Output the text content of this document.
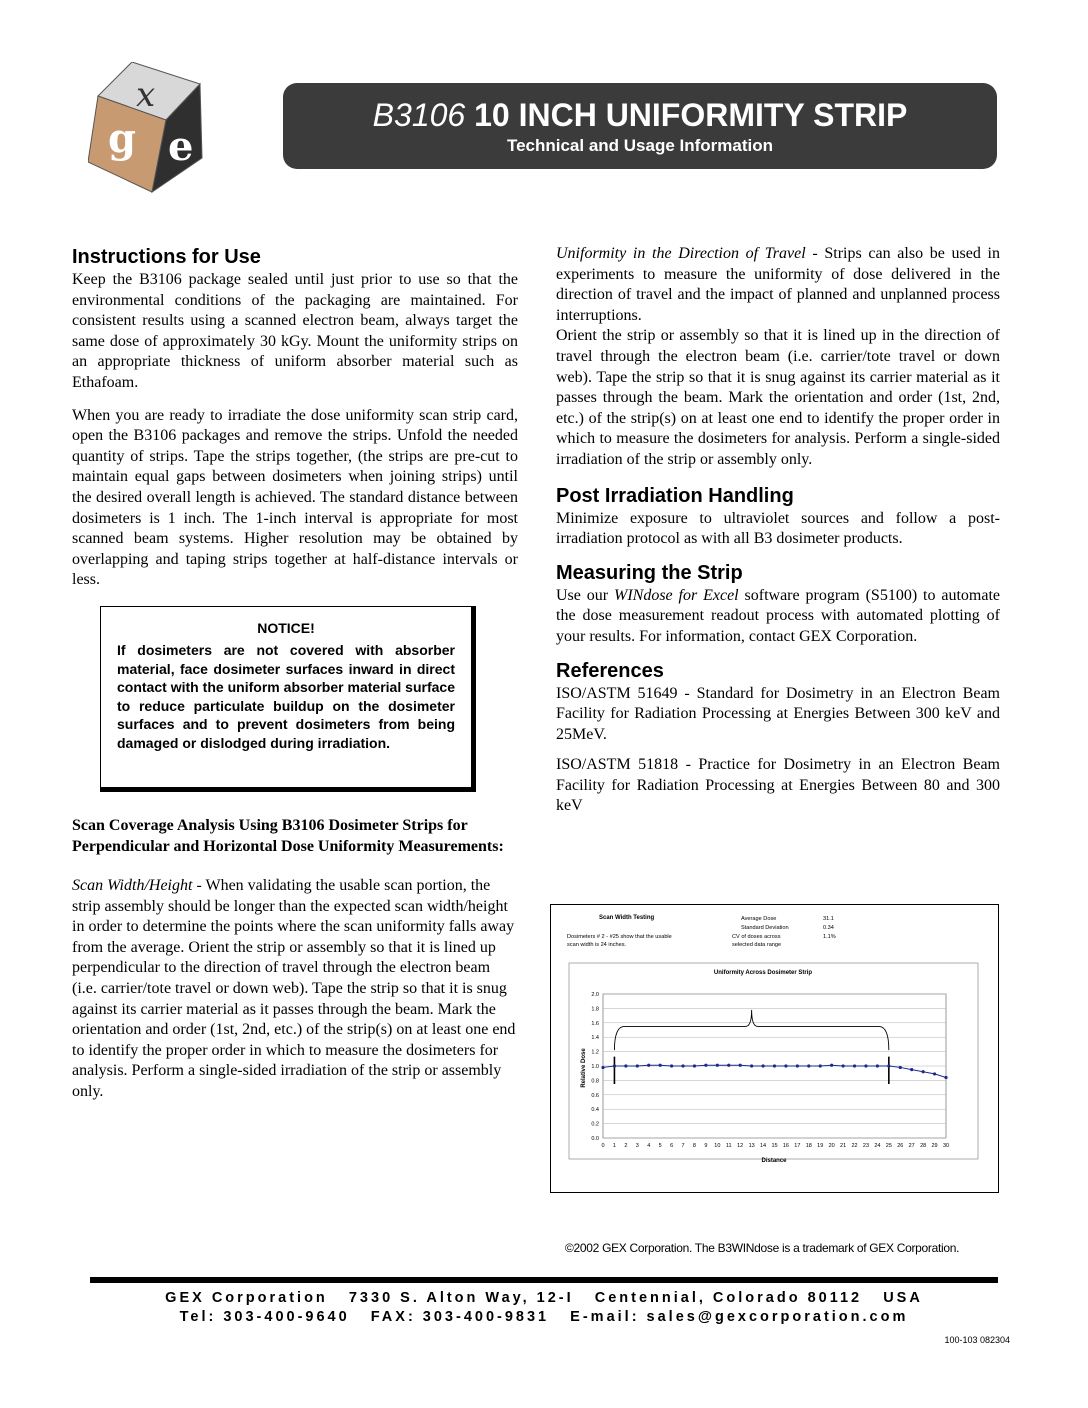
g e
x	B3106 10 INCH UNIFORMITY STRIP
Technical and Usage Information
Instructions for Use

Keep the B3106 package sealed until just prior to use so that the environmental conditions of the packaging are maintained. For consistent results using a scanned electron beam, always target the same dose of approximately 30 kGy. Mount the uniformity strips on an appropriate thickness of uniform absorber material such as Ethafoam.

When you are ready to irradiate the dose uniformity scan strip card, open the B3106 packages and remove the strips. Unfold the needed quantity of strips. Tape the strips together, (the strips are pre-cut to maintain equal gaps between dosimeters when joining strips) until the desired overall length is achieved. The standard distance between dosimeters is 1 inch. The 1-inch interval is appropriate for most scanned beam systems. Higher resolution may be obtained by overlapping and taping strips together at half-distance intervals or less.

NOTICE!
If dosimeters are not covered with absorber material, face dosimeter surfaces inward in direct contact with the uniform absorber material surface to reduce particulate buildup on the dosimeter surfaces and to prevent dosimeters from being damaged or dislodged during irradiation.
Scan Coverage Analysis Using B3106 Dosimeter Strips for Perpendicular and Horizontal Dose Uniformity Measurements:
Scan Width/Height - When validating the usable scan portion, the strip assembly should be longer than the expected scan width/height in order to determine the points where the scan uniformity falls away from the average. Orient the strip or assembly so that it is lined up perpendicular to the direction of travel through the electron beam (i.e. carrier/tote travel or down web). Tape the strip so that it is snug against its carrier material as it passes through the beam. Mark the orientation and order (1st, 2nd, etc.) of the strip(s) on at least one end to identify the proper order in which to measure the dosimeters for analysis. Perform a single-sided irradiation of the strip or assembly only.

Uniformity in the Direction of Travel - Strips can also be used in experiments to measure the uniformity of dose delivered in the direction of travel and the impact of planned and unplanned process interruptions.

Orient the strip or assembly so that it is lined up in the direction of travel through the electron beam (i.e. carrier/tote travel or down web). Tape the strip so that it is snug against its carrier material as it passes through the beam. Mark the orientation and order (1st, 2nd, etc.) of the strip(s) on at least one end to identify the proper order in which to measure the dosimeters for analysis. Perform a single-sided irradiation of the strip or assembly only.

Post Irradiation Handling

Minimize exposure to ultraviolet sources and follow a post-irradiation protocol as with all B3 dosimeter products.

Measuring the Strip

Use our WINdose for Excel software program (S5100) to automate the dose measurement readout process with automated plotting of your results. For information, contact GEX Corporation.

References

ISO/ASTM 51649 - Standard for Dosimetry in an Electron Beam Facility for Radiation Processing at Energies Between 300 keV and 25MeV.

ISO/ASTM 51818 - Practice for Dosimetry in an Electron Beam Facility for Radiation Processing at Energies Between 80 and 300 keV

Scan Width Testing
Dosimeters # 2 - #25 show that the usable
scan width is 24 inches.
Average Dose	31.1
Standard Deviation	0.34
CV of doses across	1.1%
selected data range
Uniformity Across Dosimeter Strip
Relative Dose
Distance
0.0
0.2
0.4
0.6
0.8
1.0
1.2
1.4
1.6
1.8
2.0
0 1 2 3 4 5 6 7 8 9 10 11 12 13 14 15 16 17 18 19 20 21 22 23 24 25 26 27 28 29 30
©2002 GEX Corporation. The B3WINdose is a trademark of GEX Corporation.
GEX Corporation   7330 S. Alton Way, 12-I   Centennial, Colorado 80112   USA
Tel: 303-400-9640   FAX: 303-400-9831   E-mail: sales@gexcorporation.com
100-103 082304
